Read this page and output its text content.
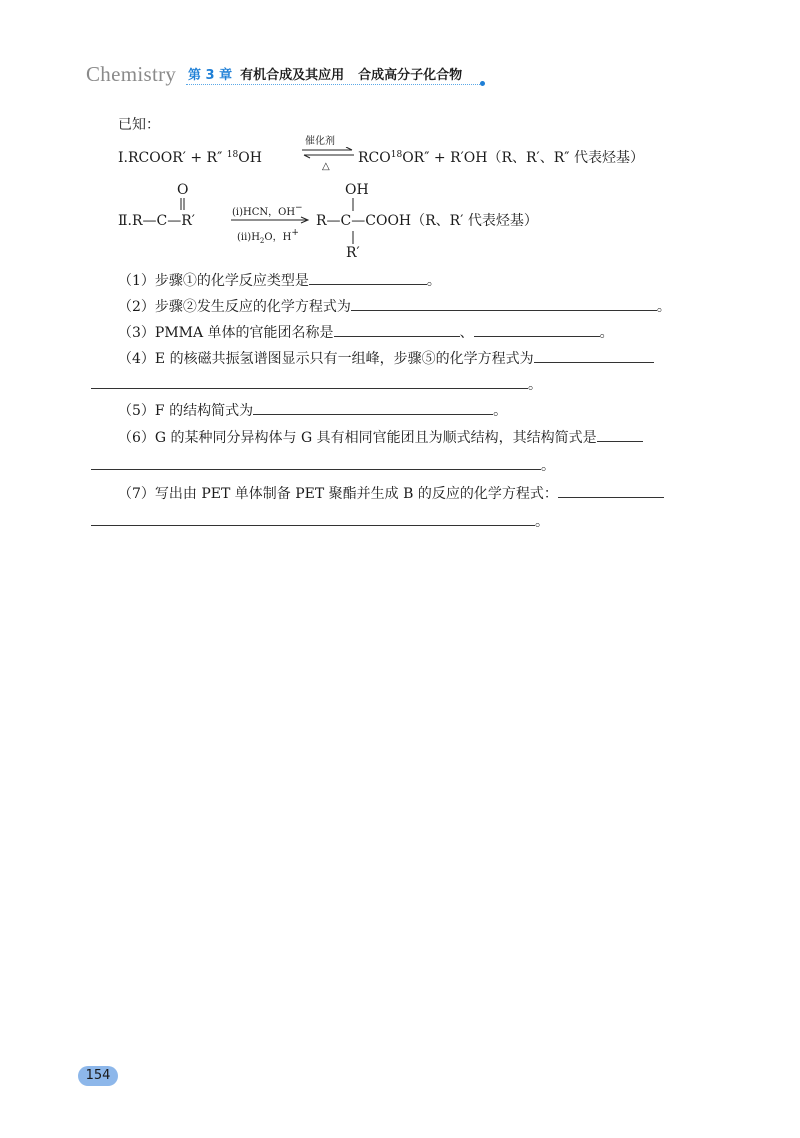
Chemistry 第 3 章 有机合成及其应用 合成高分子化合物
已知：
Ⅰ.RCOOR′ + R″ $^{18}$OH
催化剂
△
$RCO^{18}OR'' + R'OH(R$、R′、R″ 代表烃基）
O
Ⅱ.R—C—R′
(i)HCN，OH−
$(ii)H_2O$，H+
OH
R—C—COOH（R、R′ 代表烃基）
R′
（1）步骤①的化学反应类型是	。
（2）步骤②发生反应的化学方程式为	。
（3）PMMA 单体的官能团名称是	、	。
（4）E 的核磁共振氢谱图显示只有一组峰，步骤⑤的化学方程式为
。
（5）F 的结构简式为	。
（6）G 的某种同分异构体与 G 具有相同官能团且为顺式结构，其结构简式是
。
（7）写出由 PET 单体制备 PET 聚酯并生成 B 的反应的化学方程式：
。
154
